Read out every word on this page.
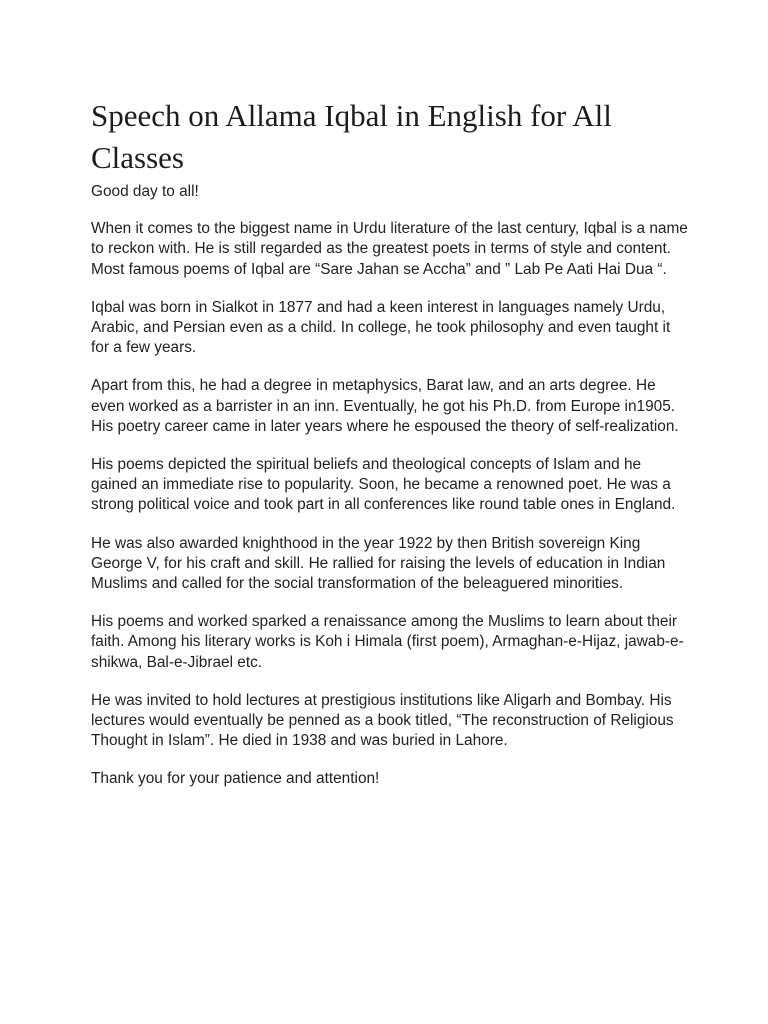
Speech on Allama Iqbal in English for All Classes

Good day to all!

When it comes to the biggest name in Urdu literature of the last century, Iqbal is a name to reckon with. He is still regarded as the greatest poets in terms of style and content. Most famous poems of Iqbal are “Sare Jahan se Accha” and ” Lab Pe Aati Hai Dua “.

Iqbal was born in Sialkot in 1877 and had a keen interest in languages namely Urdu, Arabic, and Persian even as a child. In college, he took philosophy and even taught it for a few years.

Apart from this, he had a degree in metaphysics, Barat law, and an arts degree. He even worked as a barrister in an inn. Eventually, he got his Ph.D. from Europe in1905. His poetry career came in later years where he espoused the theory of self-realization.

His poems depicted the spiritual beliefs and theological concepts of Islam and he gained an immediate rise to popularity. Soon, he became a renowned poet. He was a strong political voice and took part in all conferences like round table ones in England.

He was also awarded knighthood in the year 1922 by then British sovereign King George V, for his craft and skill. He rallied for raising the levels of education in Indian Muslims and called for the social transformation of the beleaguered minorities.

His poems and worked sparked a renaissance among the Muslims to learn about their faith. Among his literary works is Koh i Himala (first poem), Armaghan-e-Hijaz, jawab-e- shikwa, Bal-e-Jibrael etc.

He was invited to hold lectures at prestigious institutions like Aligarh and Bombay. His lectures would eventually be penned as a book titled, “The reconstruction of Religious Thought in Islam”. He died in 1938 and was buried in Lahore.

Thank you for your patience and attention!
